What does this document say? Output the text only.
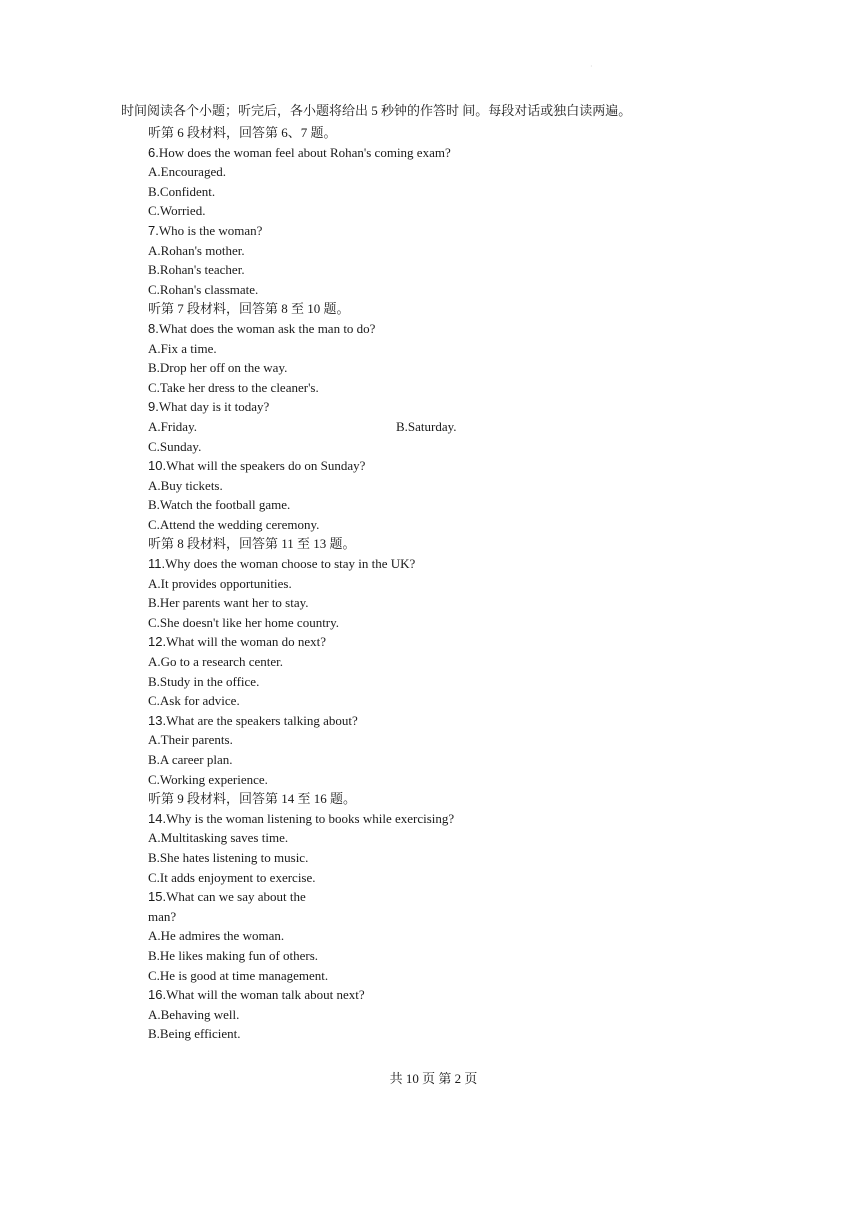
·
时间阅读各个小题；听完后，各小题将给出 5 秒钟的作答时 间。每段对话或独白读两遍。
听第 6 段材料，回答第 6、7 题。
6.How does the woman feel about Rohan's coming exam?
A.Encouraged.
B.Confident.
C.Worried.
7.Who is the woman?
A.Rohan's mother.
B.Rohan's teacher.
C.Rohan's classmate.
听第 7 段材料，回答第 8 至 10 题。
8.What does the woman ask the man to do?
A.Fix a time.
B.Drop her off on the way.
C.Take her dress to the cleaner's.
9.What day is it today?
A.Friday.	B.Saturday.
C.Sunday.
10.What will the speakers do on Sunday?
A.Buy tickets.
B.Watch the football game.
C.Attend the wedding ceremony.
听第 8 段材料，回答第 11 至 13 题。
11.Why does the woman choose to stay in the UK?
A.It provides opportunities.
B.Her parents want her to stay.
C.She doesn't like her home country.
12.What will the woman do next?
A.Go to a research center.
B.Study in the office.
C.Ask for advice.
13.What are the speakers talking about?
A.Their parents.
B.A career plan.
C.Working experience.
听第 9 段材料，回答第 14 至 16 题。
14.Why is the woman listening to books while exercising?
A.Multitasking saves time.
B.She hates listening to music.
C.It adds enjoyment to exercise.
15.What can we say about the man?
A.He admires the woman.
B.He likes making fun of others.
C.He is good at time management.
16.What will the woman talk about next?
A.Behaving well.
B.Being efficient.
共 10 页 第 2 页
